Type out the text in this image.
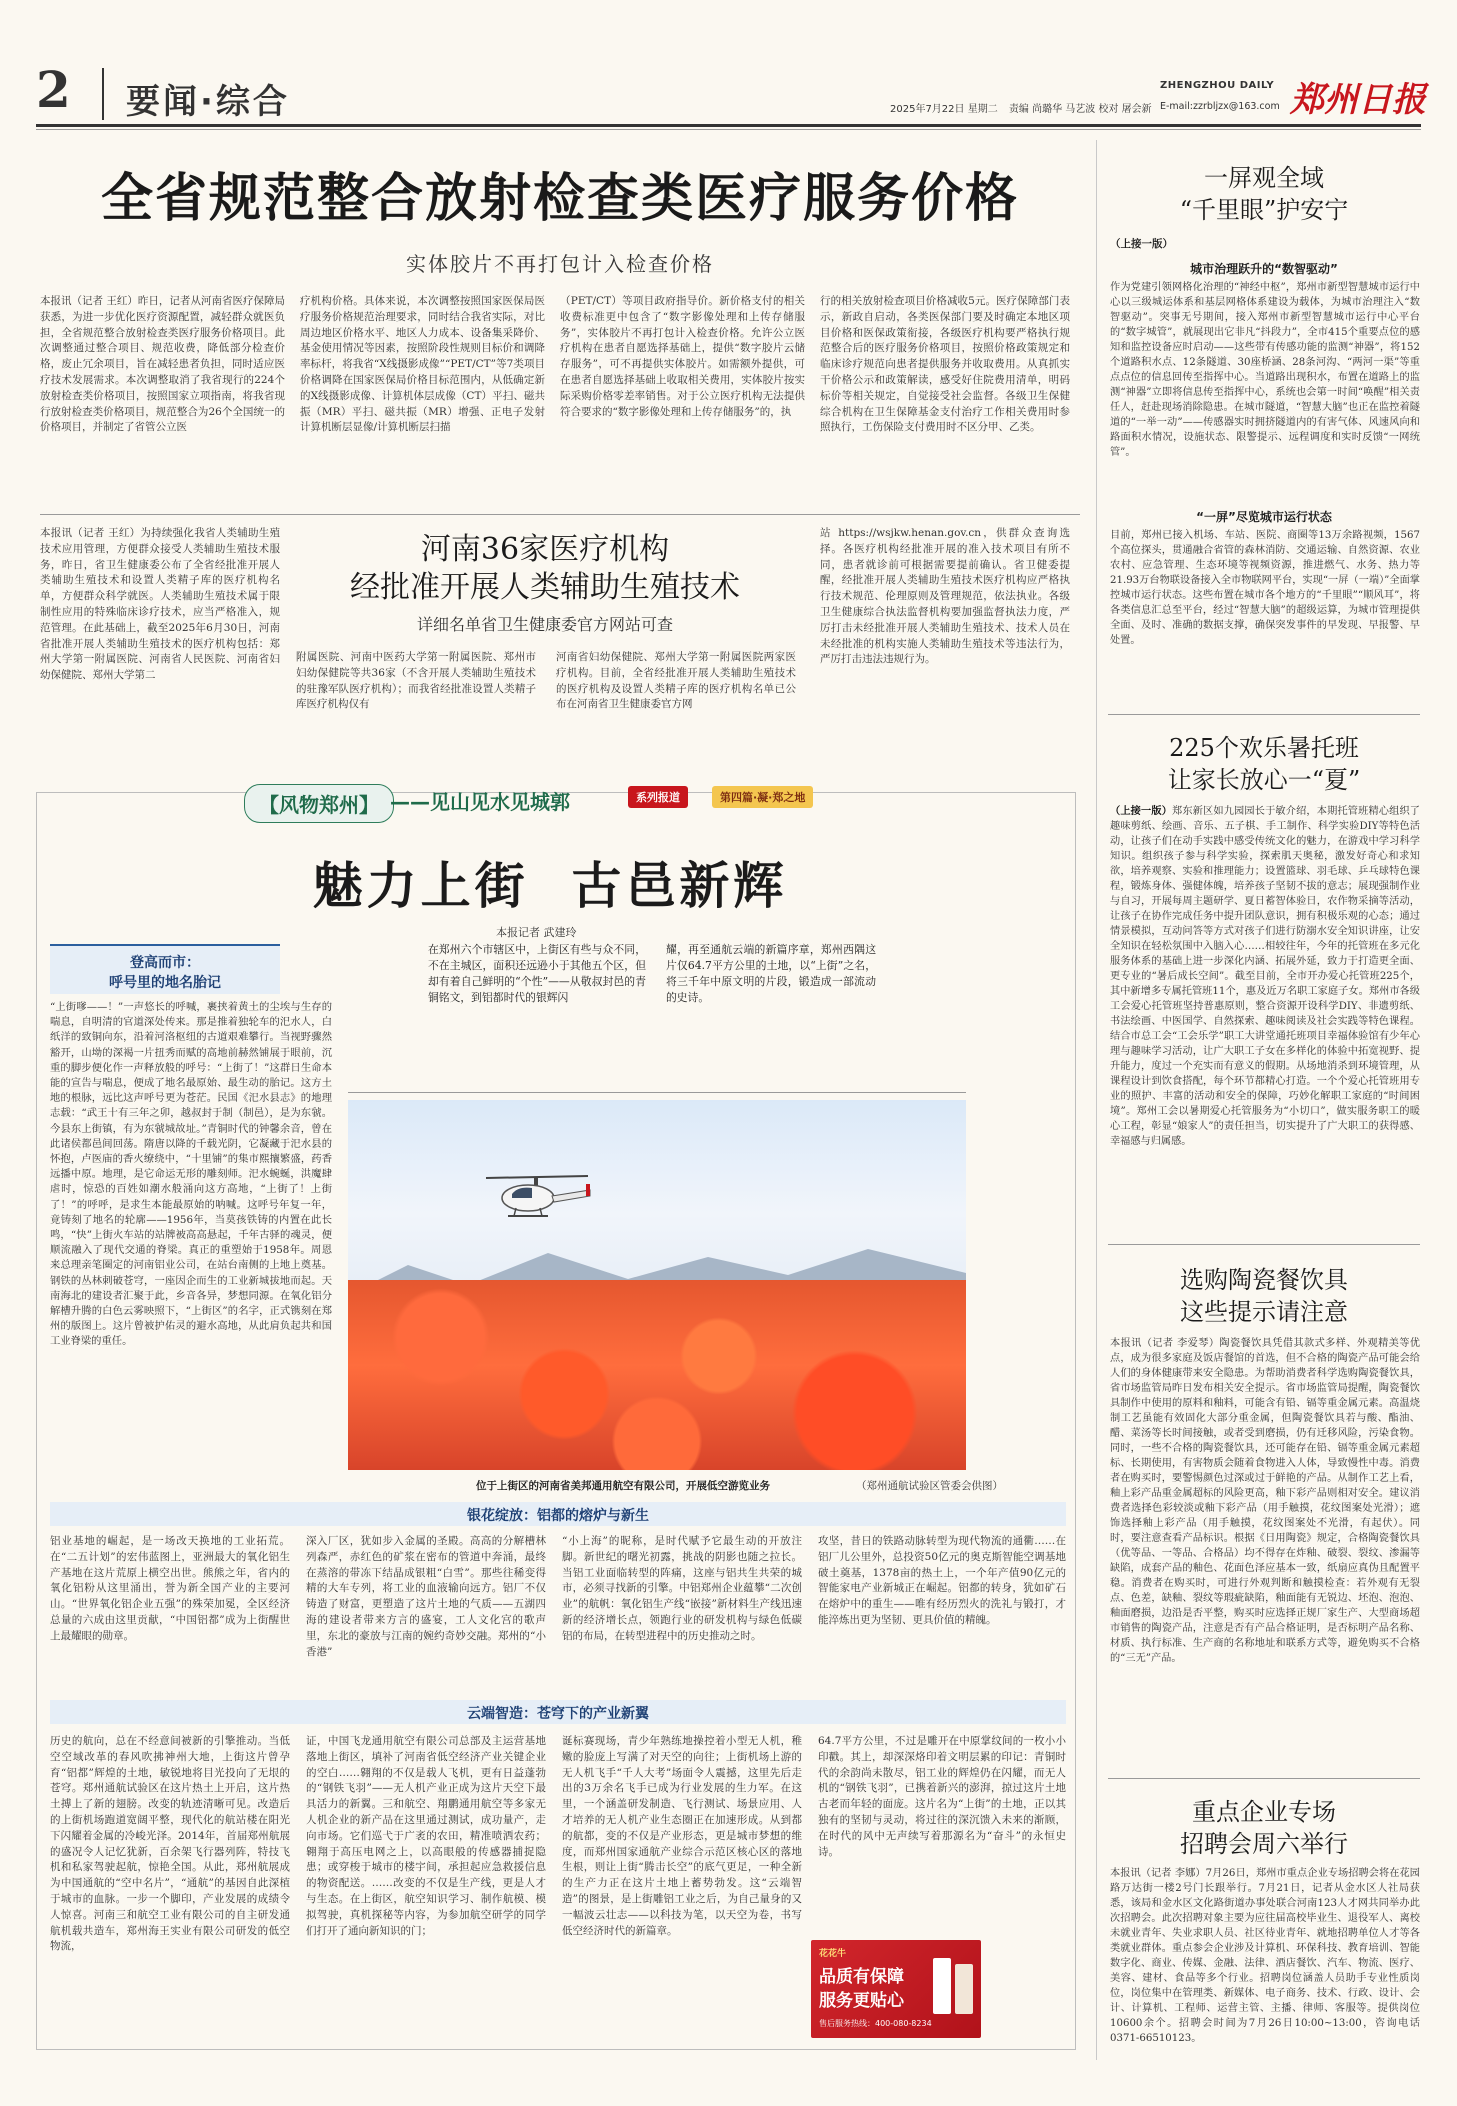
2 要闻·综合	2025年7月22日 星期二 责编 尚璐华 马艺波 校对 屠会新
ZHENGZHOU DAILY
E-mail:zzrbljzx@163.com 郑州日报
全省规范整合放射检查类医疗服务价格
实体胶片不再打包计入检查价格

本报讯（记者 王红）昨日，记者从河南省医疗保障局获悉，为进一步优化医疗资源配置，减轻群众就医负担，全省规范整合放射检查类医疗服务价格项目。此次调整通过整合项目、规范收费，降低部分检查价格，废止冗余项目，旨在减轻患者负担，同时适应医疗技术发展需求。本次调整取消了我省现行的224个放射检查类价格项目，按照国家立项指南，将我省现行放射检查类价格项目，规范整合为26个全国统一的价格项目，并制定了省管公立医

疗机构价格。具体来说，本次调整按照国家医保局医疗服务价格规范治理要求，同时结合我省实际，对比周边地区价格水平、地区人力成本、设备集采降价、基金使用情况等因素，按照阶段性规则目标价和调降率标杆，将我省“X线摄影成像”“PET/CT”等7类项目价格调降在国家医保局价格目标范围内，从低确定新的X线摄影成像、计算机体层成像（CT）平扫、磁共振（MR）平扫、磁共振（MR）增强、正电子发射计算机断层显像/计算机断层扫描

（PET/CT）等项目政府指导价。新价格支付的相关收费标准更中包含了“数字影像处理和上传存储服务”，实体胶片不再打包计入检查价格。允许公立医疗机构在患者自愿选择基础上，提供“数字胶片云储存服务”，可不再提供实体胶片。如需额外提供，可在患者自愿选择基础上收取相关费用，实体胶片按实际采购价格零差率销售。对于公立医疗机构无法提供符合要求的“数字影像处理和上传存储服务”的，执

行的相关放射检查项目价格减收5元。医疗保障部门表示，新政自启动，各类医保部门要及时确定本地区项目价格和医保政策衔接，各级医疗机构要严格执行规范整合后的医疗服务价格项目，按照价格政策规定和临床诊疗规范向患者提供服务并收取费用。从真抓实干价格公示和政策解读，感受好住院费用清单，明码标价等相关规定，自觉接受社会监督。各级卫生保健综合机构在卫生保障基金支付治疗工作相关费用时参照执行，工伤保险支付费用时不区分甲、乙类。

本报讯（记者 王红）为持续强化我省人类辅助生殖技术应用管理，方便群众接受人类辅助生殖技术服务，昨日，省卫生健康委公布了全省经批准开展人类辅助生殖技术和设置人类精子库的医疗机构名单，方便群众科学就医。人类辅助生殖技术属于限制性应用的特殊临床诊疗技术，应当严格准入，规范管理。在此基础上，截至2025年6月30日，河南省批准开展人类辅助生殖技术的医疗机构包括：郑州大学第一附属医院、河南省人民医院、河南省妇幼保健院、郑州大学第二

河南36家医疗机构
经批准开展人类辅助生殖技术
详细名单省卫生健康委官方网站可查

附属医院、河南中医药大学第一附属医院、郑州市妇幼保健院等共36家（不含开展人类辅助生殖技术的驻豫军队医疗机构）；而我省经批准设置人类精子库医疗机构仅有

河南省妇幼保健院、郑州大学第一附属医院两家医疗机构。目前，全省经批准开展人类辅助生殖技术的医疗机构及设置人类精子库的医疗机构名单已公布在河南省卫生健康委官方网

站 https://wsjkw.henan.gov.cn，供群众查询选择。各医疗机构经批准开展的准入技术项目有所不同，患者就诊前可根据需要提前确认。省卫健委提醒，经批准开展人类辅助生殖技术医疗机构应严格执行技术规范、伦理原则及管理规范，依法执业。各级卫生健康综合执法监督机构要加强监督执法力度，严厉打击未经批准开展人类辅助生殖技术、技术人员在未经批准的机构实施人类辅助生殖技术等违法行为，严厉打击违法违规行为。

【风物郑州】 ——见山见水见城郭	系列报道	第四篇·凝·郑之地
魅力上街  古邑新辉
本报记者 武建玲
登高而市：
呼号里的地名胎记

“上街嗲——！”一声悠长的呼喊，裹挟着黄土的尘埃与生存的喘息，自明清的官道深处传来。那是推着独轮车的汜水人，白纸洋的致铜向东，沿着河洛枢纽的古道艰难攀行。当视野骤然豁开，山坳的深褐一片扭秀而赋的高地前赫然铺展于眼前，沉重的脚步便化作一声释放般的呼号：“上街了！”这群日生命本能的宣告与喘息，便成了地名最原始、最生动的胎记。这方土地的根脉，远比这声呼号更为苍茫。民国《汜水县志》的地理志载：“武王十有三年之卯，越叔封于制（制邑），是为东虢。今县东上街镇，有为东虢城故址。”青铜时代的钟馨余音，曾在此诸侯都邑间回荡。隋唐以降的千载光阴，它凝藏于汜水县的怀抱，卢医庙的香火缭绕中，“十里铺”的集市熙攘繁盛，药香远播中原。地理，是它命运无形的雕刻师。汜水蜿蜒，洪魔肆虐时，惊恐的百姓如潮水般涌向这方高地，“上街了！上街了！”的呼呼，是求生本能最原始的呐喊。这呼号年复一年，竟铸刻了地名的轮廓——1956年，当莫孩铁铸的内置在此长鸣，“快”上街火车站的站牌被高高悬起，千年古驿的魂灵，便顺流融入了现代交通的脊梁。真正的重塑始于1958年。周恩来总理亲笔圈定的河南铝业公司，在站台南侧的上地上奠基。钢铁的丛林刺破苍穹，一座因企而生的工业新城拔地而起。天南海北的建设者汇聚于此，乡音各异，梦想同源。在氧化铝分解槽升腾的白色云雾映照下，“上街区”的名字，正式镌刻在郑州的版图上。这片曾被护佑灵的避水高地，从此肩负起共和国工业脊梁的重任。

在郑州六个市辖区中，上街区有些与众不同，不在主城区，面积还远逊小于其他五个区，但却有着自己鲜明的“个性”——从敬叔封邑的青铜铭文，到铝都时代的银辉闪

耀，再至通航云端的新篇序章，郑州西隅这片仅64.7平方公里的土地，以“上街”之名，将三千年中原文明的片段，锻造成一部流动的史诗。

位于上街区的河南省美邦通用航空有限公司，开展低空游览业务	（郑州通航试验区管委会供图）
银花绽放：铝都的熔炉与新生

铝业基地的崛起，是一场改天换地的工业拓荒。在“二五计划”的宏伟蓝图上，亚洲最大的氧化铝生产基地在这片荒原上横空出世。熊熊之年，省内的氧化铝粉从这里涌出，誉为新全国产业的主要河山。“世界氧化铝企业五强”的殊荣加冕，全区经济总量的六成由这里贡献，“中国铝都”成为上街醒世上最耀眼的勋章。

深入厂区，犹如步入金属的圣殿。高高的分解槽林列森严，赤红色的矿浆在密布的管道中奔涌，最终在蒸溶的带冻下结晶成银粗“白雪”。那些往稀变得精的大车专列，将工业的血液输向远方。铝厂不仅铸造了财富，更塑造了这片土地的气质——五湖四海的建设者带来方言的盛宴，工人文化宫的歌声里，东北的豪放与江南的婉约奇妙交融。郑州的“小香港”

“小上海”的昵称，是时代赋予它最生动的开放注脚。新世纪的曙光初露，挑战的阴影也随之拉长。当铝工业面临转型的阵痛，这座与铝共生共荣的城市，必须寻找新的引擎。中铝郑州企业蕴攀“二次创业”的航帆：氧化铝生产线“嵌接”新材料生产线迅速新的经济增长点，领跑行业的研发机构与绿色低碳铝的布局，在转型进程中的历史推动之时。

攻坚，昔日的铁路动脉转型为现代物流的通衢……在铝厂儿公里外，总投资50亿元的奥克斯智能空调基地破土奠基，1378亩的热土上，一个年产值90亿元的智能家电产业新城正在崛起。铝都的转身，犹如矿石在熔炉中的重生——唯有经历烈火的洗礼与锻打，才能淬炼出更为坚韧、更具价值的精魄。

云端智造：苍穹下的产业新翼

历史的航向，总在不经意间被新的引擎推动。当低空空域改革的春风吹拂神州大地，上街这片曾孕育“铝都”辉煌的土地，敏锐地将目光投向了无垠的苍穹。郑州通航试验区在这片热土上开启，这片热土搏上了新的翅膀。改变的轨迹清晰可见。改造后的上街机场跑道宽阔平整，现代化的航站楼在阳光下闪耀着金属的冷峻光泽。2014年，首届郑州航展的盛况令人记忆犹新，百余架飞行器列阵，特技飞机和私家驾驶起航，惊艳全国。从此，郑州航展成为中国通航的“空中名片”，“通航”的基因自此深植于城市的血脉。一步一个脚印，产业发展的成绩令人惊喜。河南三和航空工业有限公司的自主研发通航机载共造车，郑州海王实业有限公司研发的低空物流，

证，中国飞龙通用航空有限公司总部及主运营基地落地上街区，填补了河南省低空经济产业关键企业的空白……翱翔的不仅是载人飞机，更有日益蓬勃的“钢铁飞羽”——无人机产业正成为这片天空下最具活力的新翼。三和航空、翔鹏通用航空等多家无人机企业的新产品在这里通过测试，成功量产，走向市场。它们巡弋于广袤的农田，精准喷洒农药；翱翔于高压电网之上，以高眼般的传感器捕捉隐患；或穿梭于城市的楼宇间，承担起应急救援信息的物资配送。……改变的不仅是生产线，更是人才与生态。在上街区，航空知识学习、制作航模、模拟驾驶，真机探秘等内容，为参加航空研学的同学们打开了通向新知识的门；

诞标赛现场，青少年熟练地操控着小型无人机，稚嫩的脸庞上写满了对天空的向往；上街机场上游的无人机飞手“千人大考”场面令人震撼，这里先后走出的3万余名飞手已成为行业发展的生力军。在这里，一个涵盖研发制造、飞行测试、场景应用、人才培养的无人机产业生态圈正在加速形成。从到都的航都，变的不仅是产业形态，更是城市梦想的维度，而郑州国家通航产业综合示范区核心区的落地生根，则让上街“腾击长空”的底气更足，一种全新的生产力正在这片土地上蓄势勃发。这“云端智造”的图景，是上街雕铝工业之后，为自己量身的又一幅波云壮志——以科技为笔，以天空为卷，书写低空经济时代的新篇章。

64.7平方公里，不过是雕开在中原掌纹间的一枚小小印戳。其上，却深深烙印着文明层累的印记：青铜时代的余韵尚未散尽，铝工业的辉煌仍在闪耀，而无人机的“钢铁飞羽”，已携着新兴的澎湃，掠过这片土地古老而年轻的面庞。这片名为“上街”的土地，正以其独有的坚韧与灵动，将过往的深沉馈入未来的渐顾，在时代的风中无声续写着那源名为“奋斗”的永恒史诗。

花花牛
品质有保障
服务更贴心
售后服务热线：400-080-8234
一屏观全域
“千里眼”护安宁
（上接一版）
城市治理跃升的“数智驱动”

作为党建引领网格化治理的“神经中枢”，郑州市新型智慧城市运行中心以三级城运体系和基层网格体系建设为载体，为城市治理注入“数智驱动”。突事无号期间，接入郑州市新型智慧城市运行中心平台的“数字城管”，就展现出它非凡“抖段力”，全市415个重要点位的感知和监控设备应时启动——这些带有传感功能的监测“神器”，将152个道路积水点、12条隧道、30座桥涵、28条河沟、“两河一渠”等重点点位的信息回传至指挥中心。当道路出现积水，布置在道路上的监测“神器”立即将信息传至指挥中心，系统也会第一时间“唤醒”相关责任人，赶赴现场消除隐患。在城市隧道，“智慧大脑”也正在监控着隧道的“一举一动”——传感器实时拥挤隧道内的有害气体、风速风向和路面积水情况，设施状态、限警提示、远程调度和实时反馈“一网统管”。

“一屏”尽览城市运行状态

目前，郑州已接入机场、车站、医院、商圈等13万余路视频，1567个高位探头，贯通融合省管的森林消防、交通运输、自然资源、农业农村、应急管理、生态环境等视频资源，推进燃气、水务、热力等21.93万台物联设备接入全市物联网平台，实现“一屏（一端）”全面掌控城市运行状态。这些布置在城市各个地方的“千里眼”“顺风耳”，将各类信息汇总至平台，经过“智慧大脑”的超级运算，为城市管理提供全面、及时、准确的数据支撑，确保突发事件的早发现、早报警、早处置。

225个欢乐暑托班
让家长放心一“夏”

（上接一版）郑东新区如九园园长于敏介绍，本期托管班精心组织了趣味剪纸、绘画、音乐、五子棋、手工制作、科学实验DIY等特色活动，让孩子们在动手实践中感受传统文化的魅力，在游戏中学习科学知识。组织孩子参与科学实验，探索肌天奥秘，激发好奇心和求知欲，培养观察、实验和推理能力；设置篮球、羽毛球、乒乓球特色课程，锻炼身体、强健体魄，培养孩子坚韧不拔的意志；展现强制作业与自习，开展每周主题研学、夏日蓄智体验日，农作物采摘等活动，让孩子在协作完成任务中提升团队意识，拥有积极乐观的心态；通过情景模拟，互动问答等方式对孩子们进行防溺水安全知识讲座，让安全知识在轻松氛围中入脑入心……相较往年，今年的托管班在多元化服务体系的基础上进一步深化内涵、拓展外延，致力于打造更全面、更专业的“暑后成长空间”。截至目前，全市开办爱心托管班225个，其中新增多专属托管班11个，惠及近万名职工家庭子女。郑州市各级工会爱心托管班坚持普惠原则，整合资源开设科学DIY、非遗剪纸、书法绘画、中医国学、自然探索、趣味阅读及社会实践等特色课程。结合市总工会“工会乐学”职工大讲堂通托班项目幸福体验馆有少年心理与趣味学习活动，让广大职工子女在多样化的体验中拓宽视野、提升能力，度过一个充实而有意义的假期。从场地消杀到环境管理，从课程设计到饮食搭配，每个环节都精心打造。一个个爱心托管班用专业的照护、丰富的活动和安全的保障，巧妙化解职工家庭的“时间困境”。郑州工会以暑期爱心托管服务为“小切口”，做实服务职工的暖心工程，彰显“娘家人”的责任担当，切实提升了广大职工的获得感、幸福感与归属感。

选购陶瓷餐饮具
这些提示请注意

本报讯（记者 李爱琴）陶瓷餐饮具凭借其款式多样、外观精美等优点，成为很多家庭及饭店餐馆的首选，但不合格的陶瓷产品可能会给人们的身体健康带来安全隐患。为帮助消费者科学选购陶瓷餐饮具，省市场监管局昨日发布相关安全提示。省市场监管局提醒，陶瓷餐饮具制作中使用的原料和釉料，可能含有铅、镉等重金属元素。高温烧制工艺虽能有效固化大部分重金属，但陶瓷餐饮具若与酸、酯油、醋、菜汤等长时间接触，或者受到磨损，仍有迁移风险，污染食物。同时，一些不合格的陶瓷餐饮具，还可能存在铅、镉等重金属元素超标、长期使用，有害物质会随着食物进入人体，导致慢性中毒。消费者在购买时，要警惕颜色过深或过于鲜艳的产品。从制作工艺上看，釉上彩产品重金属超标的风险更高，釉下彩产品则相对安全。建议消费者选择色彩较淡或釉下彩产品（用手触摸，花纹图案处光滑）；遮饰选择釉上彩产品（用手触摸，花纹图案处不光滑，有起伏）。同时，要注意查看产品标识。根据《日用陶瓷》规定，合格陶瓷餐饮具（优等品、一等品、合格品）均不得存在炸釉、破裂、裂纹、渗漏等缺陷，成套产品的釉色、花面色泽应基本一致，纸扇应真伪且配置平稳。消费者在购买时，可进行外观判断和触摸检查：若外观有无裂点、色差，缺釉、裂纹等瑕疵缺陷，釉面能有无锐边、坯泡、泡泡、釉面磨损，边沿是否平整，购买时应选择正规厂家生产、大型商场超市销售的陶瓷产品，注意是否有产品合格证明，是否标明产品名称、材质、执行标准、生产商的名称地址和联系方式等，避免购买不合格的“三无”产品。

重点企业专场
招聘会周六举行

本报讯（记者 李娜）7月26日，郑州市重点企业专场招聘会将在花园路万达街一楼2号门长跟举行。7月21日，记者从金水区人社局获悉，该局和金水区文化路街道办事处联合河南123人才网共同举办此次招聘会。此次招聘对象主要为应往届高校毕业生、退役军人、离校未就业青年、失业求职人员、社区待业青年、就地招聘单位人才等各类就业群体。重点参会企业涉及计算机、环保科技、教育培训、智能数字化、商业、传媒、金融、法律、酒店餐饮、汽车、物流、医疗、美容、建材、食品等多个行业。招聘岗位涵盖人员助手专业性质岗位，岗位集中在管理类、新媒体、电子商务、技术、行政、设计、会计、计算机、工程师、运营主管、主播、律师、客服等。提供岗位10600余个。招聘会时间为7月26日10:00~13:00，咨询电话0371-66510123。
